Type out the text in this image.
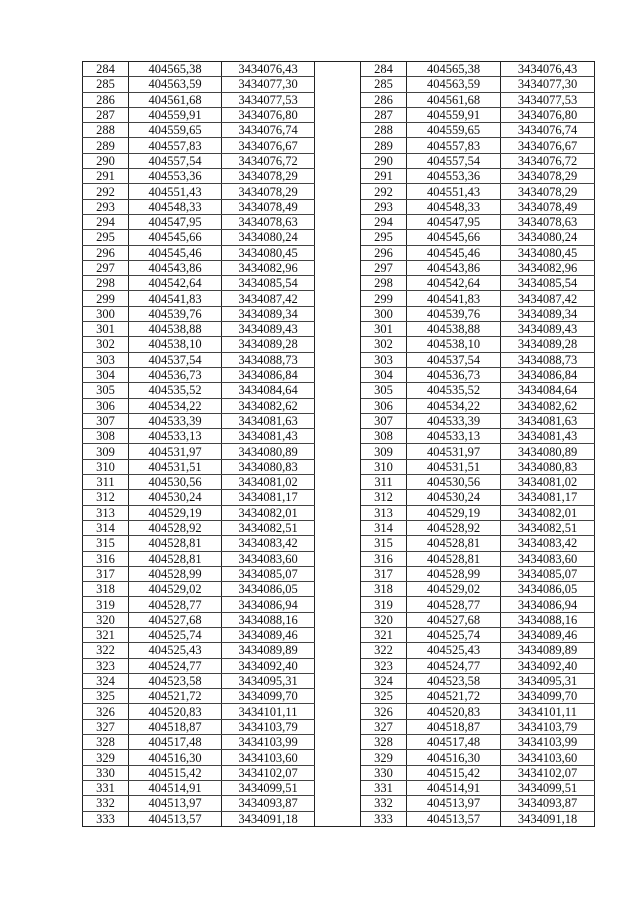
284	404565,38	3434076,43		284	404565,38	3434076,43
285	404563,59	3434077,30		285	404563,59	3434077,30
286	404561,68	3434077,53		286	404561,68	3434077,53
287	404559,91	3434076,80		287	404559,91	3434076,80
288	404559,65	3434076,74		288	404559,65	3434076,74
289	404557,83	3434076,67		289	404557,83	3434076,67
290	404557,54	3434076,72		290	404557,54	3434076,72
291	404553,36	3434078,29		291	404553,36	3434078,29
292	404551,43	3434078,29		292	404551,43	3434078,29
293	404548,33	3434078,49		293	404548,33	3434078,49
294	404547,95	3434078,63		294	404547,95	3434078,63
295	404545,66	3434080,24		295	404545,66	3434080,24
296	404545,46	3434080,45		296	404545,46	3434080,45
297	404543,86	3434082,96		297	404543,86	3434082,96
298	404542,64	3434085,54		298	404542,64	3434085,54
299	404541,83	3434087,42		299	404541,83	3434087,42
300	404539,76	3434089,34		300	404539,76	3434089,34
301	404538,88	3434089,43		301	404538,88	3434089,43
302	404538,10	3434089,28		302	404538,10	3434089,28
303	404537,54	3434088,73		303	404537,54	3434088,73
304	404536,73	3434086,84		304	404536,73	3434086,84
305	404535,52	3434084,64		305	404535,52	3434084,64
306	404534,22	3434082,62		306	404534,22	3434082,62
307	404533,39	3434081,63		307	404533,39	3434081,63
308	404533,13	3434081,43		308	404533,13	3434081,43
309	404531,97	3434080,89		309	404531,97	3434080,89
310	404531,51	3434080,83		310	404531,51	3434080,83
311	404530,56	3434081,02		311	404530,56	3434081,02
312	404530,24	3434081,17		312	404530,24	3434081,17
313	404529,19	3434082,01		313	404529,19	3434082,01
314	404528,92	3434082,51		314	404528,92	3434082,51
315	404528,81	3434083,42		315	404528,81	3434083,42
316	404528,81	3434083,60		316	404528,81	3434083,60
317	404528,99	3434085,07		317	404528,99	3434085,07
318	404529,02	3434086,05		318	404529,02	3434086,05
319	404528,77	3434086,94		319	404528,77	3434086,94
320	404527,68	3434088,16		320	404527,68	3434088,16
321	404525,74	3434089,46		321	404525,74	3434089,46
322	404525,43	3434089,89		322	404525,43	3434089,89
323	404524,77	3434092,40		323	404524,77	3434092,40
324	404523,58	3434095,31		324	404523,58	3434095,31
325	404521,72	3434099,70		325	404521,72	3434099,70
326	404520,83	3434101,11		326	404520,83	3434101,11
327	404518,87	3434103,79		327	404518,87	3434103,79
328	404517,48	3434103,99		328	404517,48	3434103,99
329	404516,30	3434103,60		329	404516,30	3434103,60
330	404515,42	3434102,07		330	404515,42	3434102,07
331	404514,91	3434099,51		331	404514,91	3434099,51
332	404513,97	3434093,87		332	404513,97	3434093,87
333	404513,57	3434091,18		333	404513,57	3434091,18
